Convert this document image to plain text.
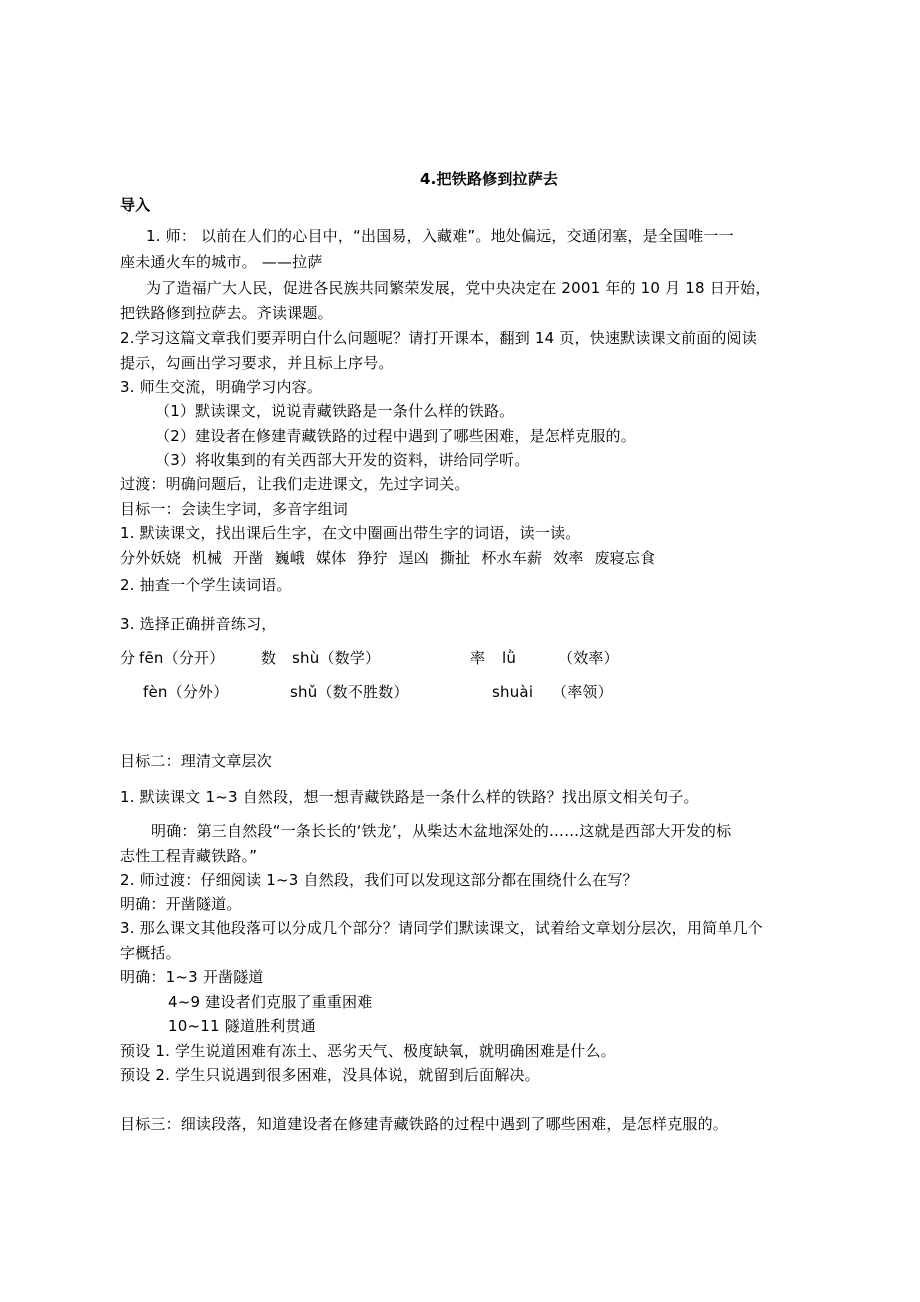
4.把铁路修到拉萨去
导入
1. 师： 以前在人们的心目中，“出国易，入藏难”。地处偏远，交通闭塞，是全国唯一一
座未通火车的城市。 ——拉萨
为了造福广大人民，促进各民族共同繁荣发展，党中央决定在 2001 年的 10 月 18 日开始，
把铁路修到拉萨去。齐读课题。
2.学习这篇文章我们要弄明白什么问题呢？请打开课本，翻到 14 页，快速默读课文前面的阅读
提示，勾画出学习要求，并且标上序号。
3. 师生交流，明确学习内容。
（1）默读课文，说说青藏铁路是一条什么样的铁路。
（2）建设者在修建青藏铁路的过程中遇到了哪些困难，是怎样克服的。
（3）将收集到的有关西部大开发的资料，讲给同学听。
过渡：明确问题后，让我们走进课文，先过字词关。
目标一：会读生字词，多音字组词
1. 默读课文，找出课后生字，在文中圈画出带生字的词语，读一读。
分外妖娆 机械 开凿 巍峨 媒体 狰狞 逞凶 撕扯 杯水车薪 效率 废寝忘食
2. 抽查一个学生读词语。
3. 选择正确拼音练习，
分 fēn（分开） 数 shù（数学）	率 lǜ	（效率）
fèn（分外）	shǔ（数不胜数）	shuài （率领）
目标二：理清文章层次
1. 默读课文 1~3 自然段，想一想青藏铁路是一条什么样的铁路？找出原文相关句子。
明确：第三自然段“一条长长的‘铁龙’，从柴达木盆地深处的……这就是西部大开发的标
志性工程青藏铁路。”
2. 师过渡：仔细阅读 1~3 自然段，我们可以发现这部分都在围绕什么在写？
明确：开凿隧道。
3. 那么课文其他段落可以分成几个部分？请同学们默读课文，试着给文章划分层次，用简单几个
字概括。
明确：1~3 开凿隧道
4~9 建设者们克服了重重困难
10~11 隧道胜利贯通
预设 1. 学生说道困难有冻土、恶劣天气、极度缺氧，就明确困难是什么。
预设 2. 学生只说遇到很多困难，没具体说，就留到后面解决。
目标三：细读段落，知道建设者在修建青藏铁路的过程中遇到了哪些困难，是怎样克服的。
